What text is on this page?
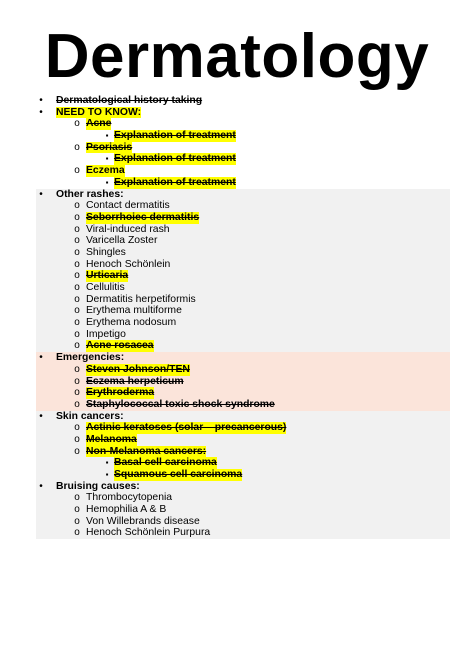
Dermatology
•	Dermatological history taking
•	NEED TO KNOW:
o Acne
▪ Explanation of treatment
o Psoriasis
▪ Explanation of treatment
o Eczema
▪ Explanation of treatment
•	Other rashes:
o Contact dermatitis
o Seborrhoiec dermatitis
o Viral-induced rash
o Varicella Zoster
o Shingles
o Henoch Schönlein
o Urticaria
o Cellulitis
o Dermatitis herpetiformis
o Erythema multiforme
o Erythema nodosum
o Impetigo
o Acne rosacea
•	Emergencies:
o Steven Johnson/TEN
o Eczema herpeticum
o Erythroderma
o Staphylococcal toxic shock syndrome
•	Skin cancers:
o Actinic keratoses (solar – precancerous)
o Melanoma
o Non-Melanoma cancers:
▪ Basal cell carcinoma
▪ Squamous cell carcinoma
•	Bruising causes:
o Thrombocytopenia
o Hemophilia A & B
o Von Willebrands disease
o Henoch Schönlein Purpura
